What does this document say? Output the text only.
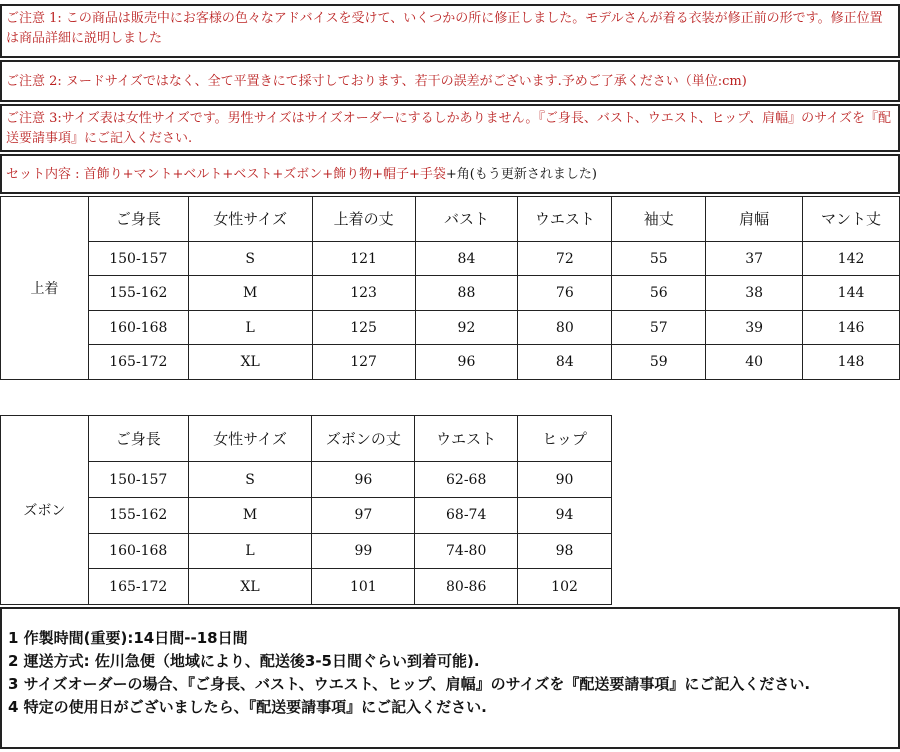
ご注意 1: この商品は販売中にお客様の色々なアドバイスを受けて、いくつかの所に修正しました。モデルさんが着る衣装が修正前の形です。修正位置は商品詳細に説明しました
ご注意 2: ヌードサイズではなく、全て平置きにて採寸しております、若干の誤差がございます.予めご了承ください（単位:cm)
ご注意 3:サイズ表は女性サイズです。男性サイズはサイズオーダーにするしかありません。『ご身長、バスト、ウエスト、ヒップ、肩幅』のサイズを『配送要請事項』にご記入ください.
セット内容 : 首飾り+マント+ベルト+ベスト+ズボン+飾り物+帽子+手袋+角(もう更新されました)
上着	ご身長	女性サイズ	上着の丈	バスト	ウエスト	袖丈	肩幅	マント丈
	150-157	S	121	84	72	55	37	142
	155-162	M	123	88	76	56	38	144
	160-168	L	125	92	80	57	39	146
	165-172	XL	127	96	84	59	40	148
ズボン	ご身長	女性サイズ	ズボンの丈	ウエスト	ヒップ
	150-157	S	96	62-68	90
	155-162	M	97	68-74	94
	160-168	L	99	74-80	98
	165-172	XL	101	80-86	102
1 作製時間(重要):14日間--18日間
2 運送方式: 佐川急便（地域により、配送後3-5日間ぐらい到着可能).
3 サイズオーダーの場合、『ご身長、バスト、ウエスト、ヒップ、肩幅』のサイズを『配送要請事項』にご記入ください.
4 特定の使用日がございましたら、『配送要請事項』にご記入ください.
